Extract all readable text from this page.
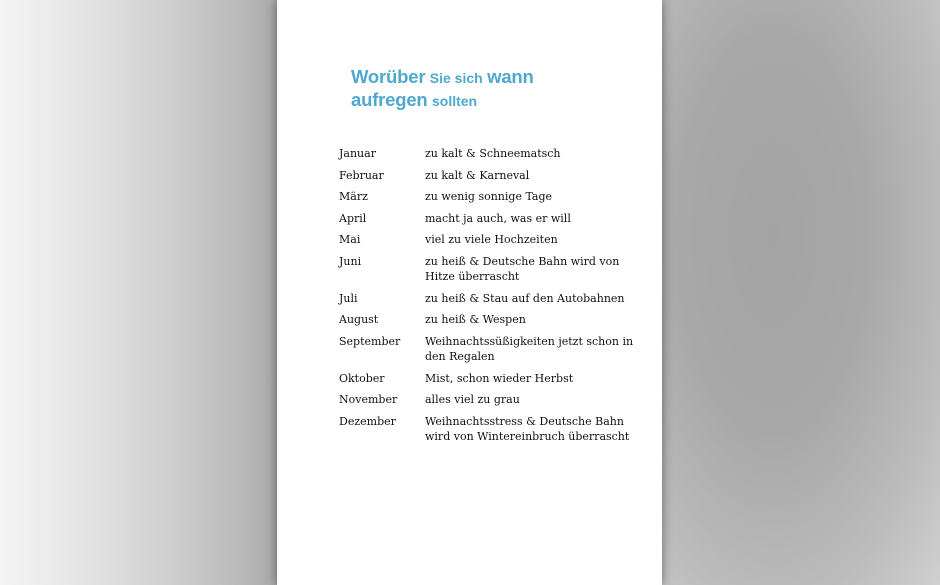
Worüber Sie sich wann
aufregen sollten
Januar	zu kalt & Schneematsch
Februar	zu kalt & Karneval
März	zu wenig sonnige Tage
April	macht ja auch, was er will
Mai	viel zu viele Hochzeiten
Juni	zu heiß & Deutsche Bahn wird von Hitze überrascht
Juli	zu heiß & Stau auf den Autobahnen
August	zu heiß & Wespen
September	Weihnachtssüßigkeiten jetzt schon in den Regalen
Oktober	Mist, schon wieder Herbst
November	alles viel zu grau
Dezember	Weihnachtsstress & Deutsche Bahn wird von Wintereinbruch überrascht
